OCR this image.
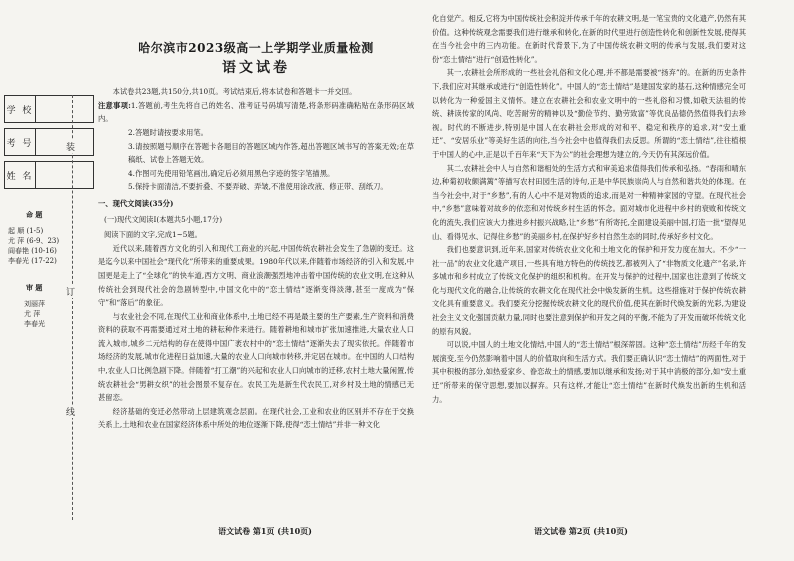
学 校
考 号
姓 名
命 题
起 顺 (1-5)
尤 萍 (6-9、23)
阎春艳 (10-16)
李春光 (17-22)
审 题
刘丽萍
尤 萍
李春光
装
订
线
哈尔滨市2023级高一上学期学业质量检测
语文试卷

本试卷共23题,共150分,共10页。考试结束后,将本试卷和答题卡一并交回。

注意事项:1.答题前,考生先将自己的姓名、准考证号码填写清楚,将条形码准确粘贴在条形码区域内。

2.答题时请按要求用笔。

3.请按照题号顺序在答题卡各题目的答题区域内作答,超出答题区域书写的答案无效;在草稿纸、试卷上答题无效。

4.作图可先使用铅笔画出,确定后必须用黑色字迹的签字笔描黑。

5.保持卡面清洁,不要折叠、不要弄破、弄皱,不准使用涂改液、修正带、刮纸刀。

一、现代文阅读(35分)

(一)现代文阅读Ⅰ(本题共5小题,17分)

阅读下面的文字,完成1~5题。

近代以来,随着西方文化的引入和现代工商业的兴起,中国传统农耕社会发生了急剧的变迁。这是迄今以来中国社会“现代化”所带来的重要成果。1980年代以来,伴随着市场经济的引入和发展,中国更是走上了“全球化”的快车道,西方文明、商业浪潮强烈地冲击着中国传统的农业文明,在这种从传统社会到现代社会的急剧转型中,中国文化中的“恋土情结”逐渐变得淡薄,甚至一度成为“保守”和“落后”的象征。

与农业社会不同,在现代工业和商业体系中,土地已经不再是最主要的生产要素,生产资料和消费资料的获取不再需要通过对土地的耕耘种作来进行。随着耕地和城市扩张加速推进,大量农业人口流入城市,城乡二元结构的存在使得中国广袤农村中的“恋土情结”逐渐失去了现实依托。伴随着市场经济的发展,城市化进程日益加速,大量的农业人口向城市转移,并定居在城市。在中国的人口结构中,农业人口比例急剧下降。伴随着“打工潮”的兴起和农业人口向城市的迁移,农村土地大量闲置,传统农耕社会“男耕女织”的社会图景不复存在。农民工先是新生代农民工,对乡村及土地的情感已无甚留恋。

经济基础的变迁必然带动上层建筑观念层面。在现代社会,工业和农业的区别并不存在于交换关系上,土地和农业在国家经济体系中所处的地位逐渐下降,使得“恋土情结”并非一种文化

化自觉产。相反,它将为中国传统社会积淀并传承千年的农耕文明,是一笔宝贵的文化遗产,仍然有其价值。这种传统观念需要我们进行继承和转化,在新的时代里进行创造性转化和创新性发展,使得其在当今社会中的三内功能。在新时代背景下,为了中国传统农耕文明的传承与发展,我们要对这份“恋土情结”进行“创造性转化”。

其一,农耕社会所形成的一些社会礼俗和文化心理,并不都是需要被“扬弃”的。在新的历史条件下,我们应对其继承或进行“创造性转化”。中国人的“恋土情结”是建国发家的基石,这种情感完全可以转化为一种爱国主义情怀。建立在农耕社会和农业文明中的一些礼俗和习惯,如敬天法祖的传统、耕读传家的风尚、吃苦耐劳的精神以及“勤俭节约、勤劳致富”等优良品德仍然值得我们去珍视。时代的不断进步,特别是中国人在农耕社会形成的对和平、稳定和秩序的追求,对“安土重迁”、“安居乐业”等美好生活的向往,当今社会中也值得我们去反思。所谓的“恋土情结”,往往植根于中国人的心中,正是以千百年来“天下为公”的社会理想为建立的,今天仍有其深远价值。

其二,农耕社会中人与自然和谐相处的生活方式和审美追求值得我们传承和弘扬。“春雨和晴东边,种菊初收颇满篱”等描写农村田园生活的诗句,正是中华民族崇尚人与自然和谐共处的体现。在当今社会中,对于“乡愁”,有的人心中不是对物质的追求,而是对一种精神家园的守望。在现代社会中,“乡愁”意味着对故乡的依恋和对传统乡村生活的怀念。面对城市化进程中乡村的衰败和传统文化的流失,我们应该大力推进乡村振兴战略,让“乡愁”有所寄托,全面建设美丽中国,打造一批“望得见山、看得见水、记得住乡愁”的美丽乡村,在保护好乡村自然生态的同时,传承好乡村文化。

我们也要意识到,近年来,国家对传统农业文化和土地文化的保护和开发力度在加大。不少“一社一品”的农业文化遗产项目,一些具有地方特色的传统技艺,都被列入了“非物质文化遗产”名录,许多城市和乡村成立了传统文化保护的组织和机构。在开发与保护的过程中,国家也注意到了传统文化与现代文化的融合,让传统的农耕文化在现代社会中焕发新的生机。这些措施对于保护传统农耕文化具有重要意义。我们要充分挖掘传统农耕文化的现代价值,使其在新时代焕发新的光彩,为建设社会主义文化强国贡献力量,同时也要注意到保护和开发之间的平衡,不能为了开发而破坏传统文化的原有风貌。

可以说,中国人的土地文化情结,中国人的“恋土情结”根深蒂固。这种“恋土情结”历经千年的发展演变,至今仍然影响着中国人的价值取向和生活方式。我们要正确认识“恋土情结”的两面性,对于其中积极的部分,如热爱家乡、眷恋故土的情感,要加以继承和发扬;对于其中消极的部分,如“安土重迁”所带来的保守思想,要加以摒弃。只有这样,才能让“恋土情结”在新时代焕发出新的生机和活力。

语文试卷 第1页 (共10页)	语文试卷 第2页 (共10页)
